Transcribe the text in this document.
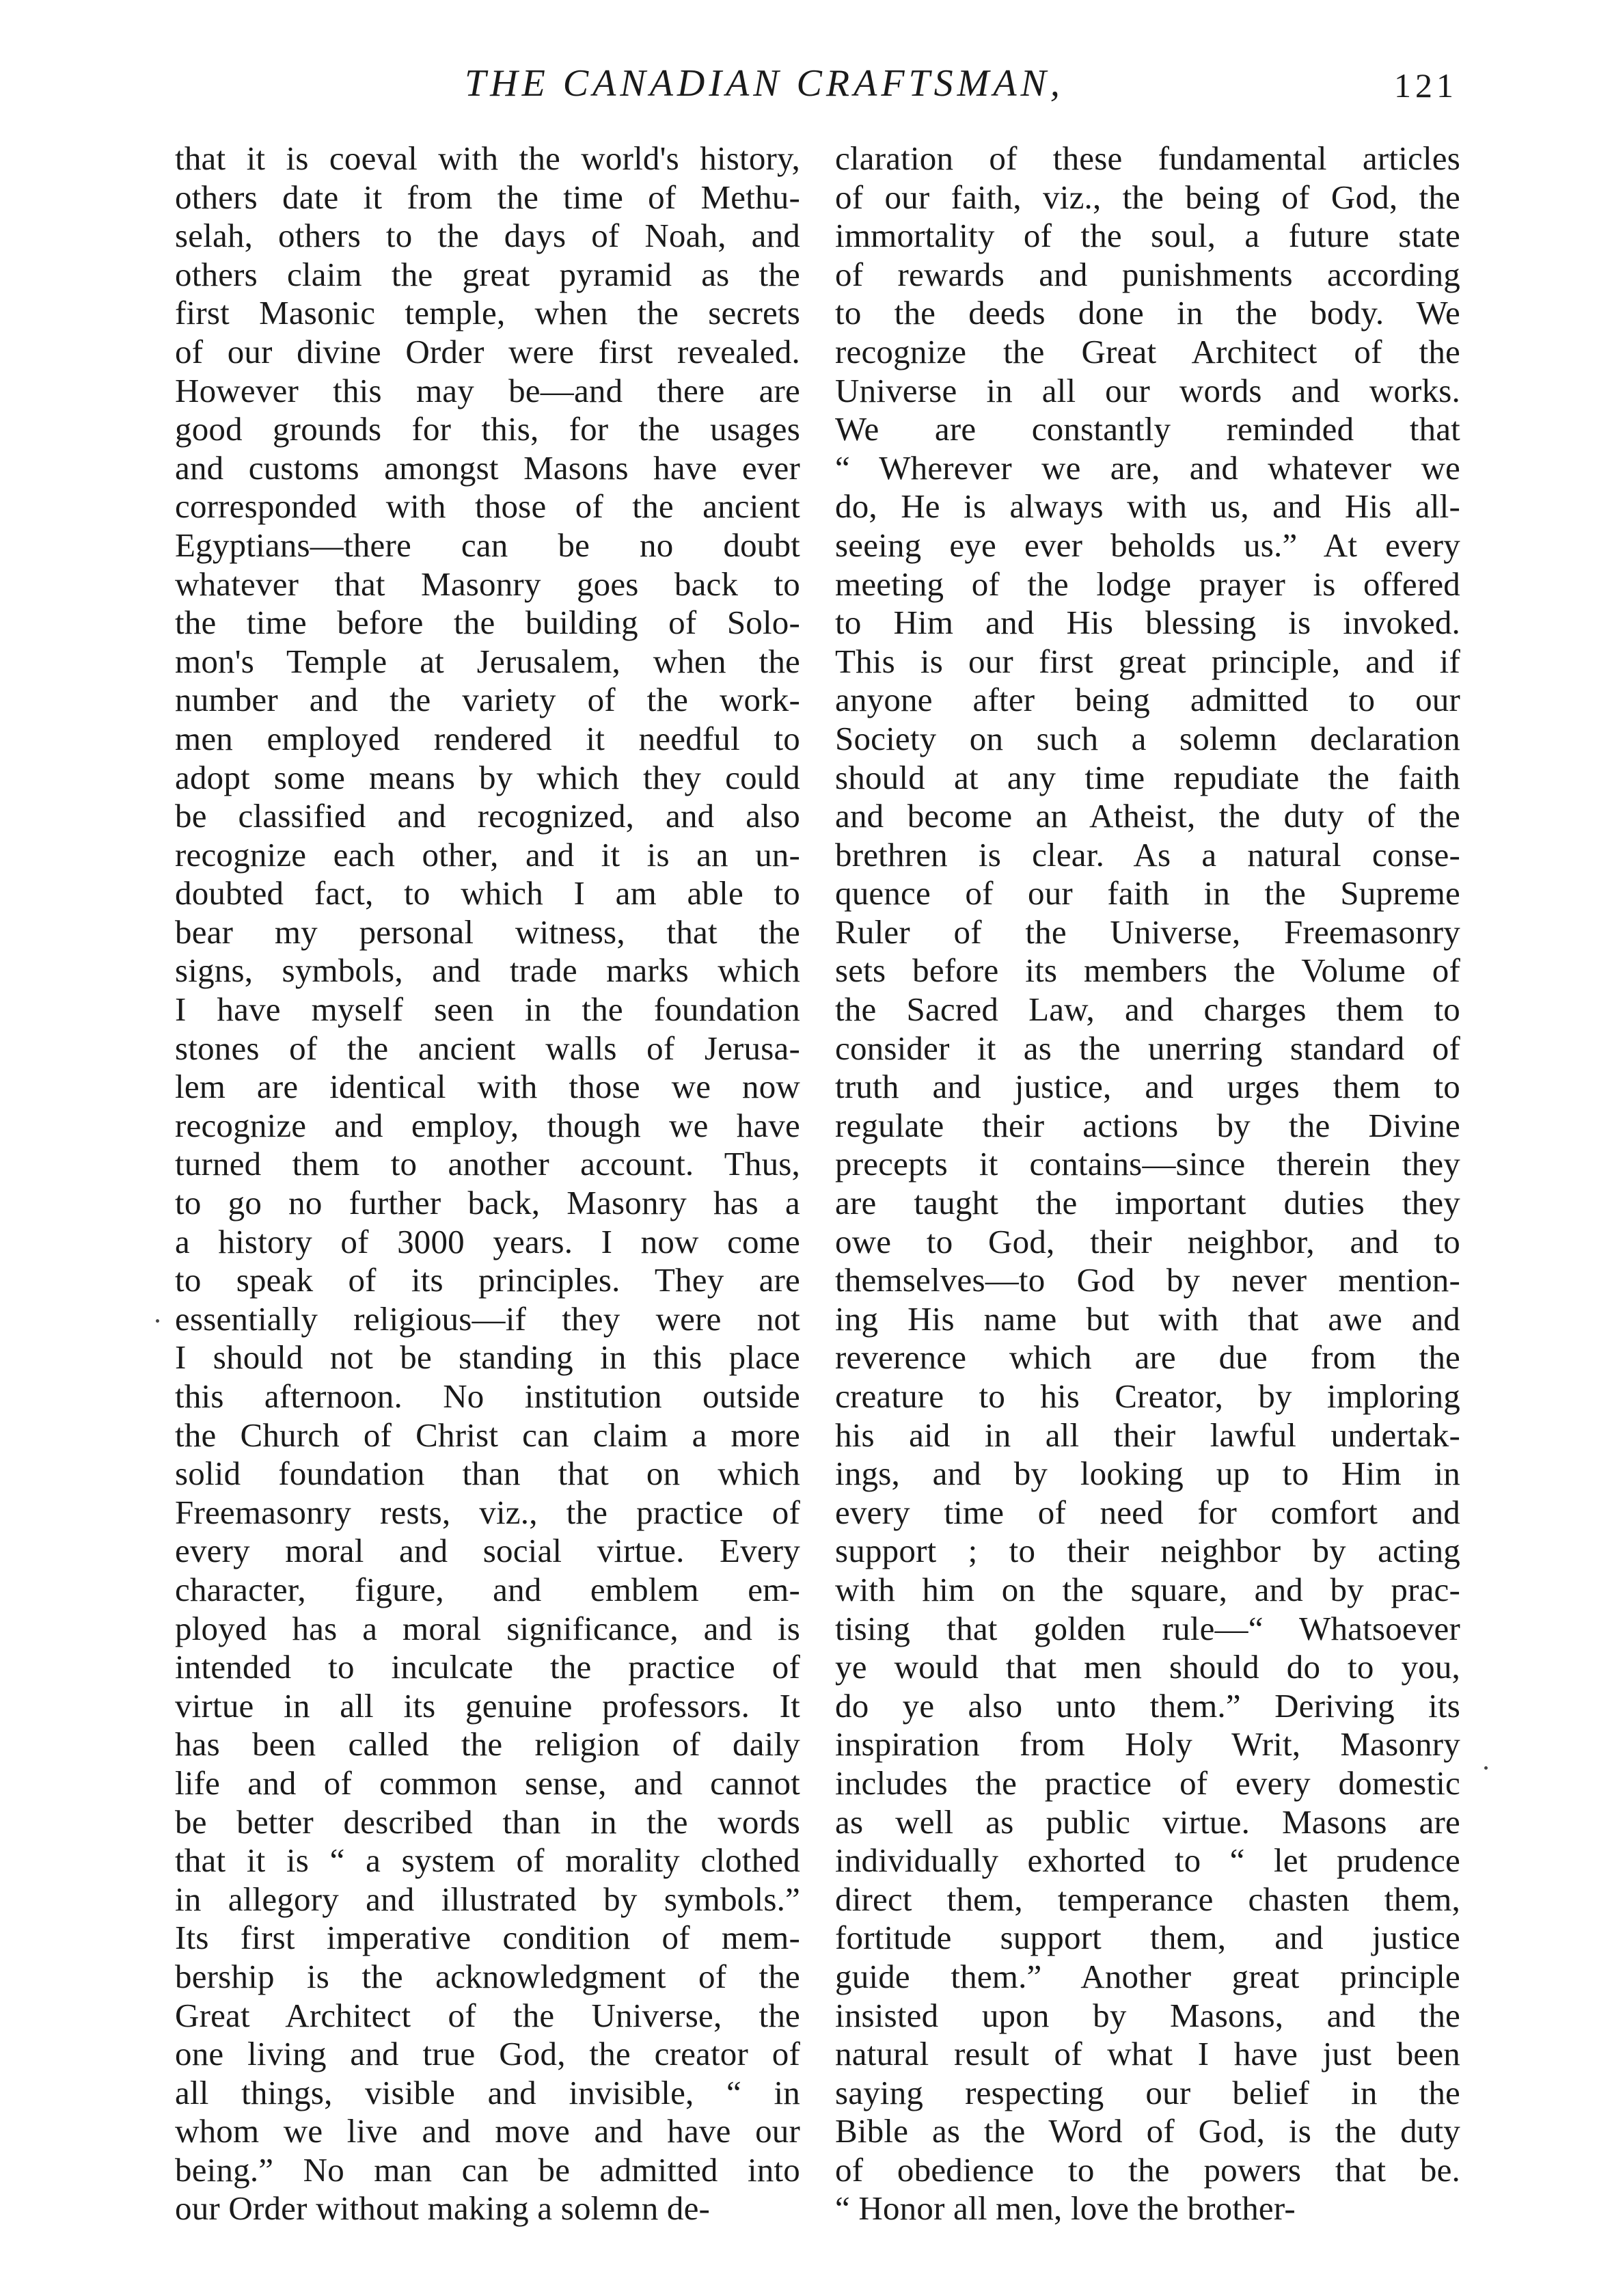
THE CANADIAN CRAFTSMAN,	121
that it is coeval with the world's history,
others date it from the time of Methu-
selah, others to the days of Noah, and
others claim the great pyramid as the
first Masonic temple, when the secrets
of our divine Order were first revealed.
However this may be—and there are
good grounds for this, for the usages
and customs amongst Masons have ever
corresponded with those of the ancient
Egyptians—there can be no doubt
whatever that Masonry goes back to
the time before the building of Solo-
mon's Temple at Jerusalem, when the
number and the variety of the work-
men employed rendered it needful to
adopt some means by which they could
be classified and recognized, and also
recognize each other, and it is an un-
doubted fact, to which I am able to
bear my personal witness, that the
signs, symbols, and trade marks which
I have myself seen in the foundation
stones of the ancient walls of Jerusa-
lem are identical with those we now
recognize and employ, though we have
turned them to another account. Thus,
to go no further back, Masonry has a
a history of 3000 years. I now come
to speak of its principles. They are
essentially religious—if they were not
I should not be standing in this place
this afternoon. No institution outside
the Church of Christ can claim a more
solid foundation than that on which
Freemasonry rests, viz., the practice of
every moral and social virtue. Every
character, figure, and emblem em-
ployed has a moral significance, and is
intended to inculcate the practice of
virtue in all its genuine professors. It
has been called the religion of daily
life and of common sense, and cannot
be better described than in the words
that it is “ a system of morality clothed
in allegory and illustrated by symbols.”
Its first imperative condition of mem-
bership is the acknowledgment of the
Great Architect of the Universe, the
one living and true God, the creator of
all things, visible and invisible, “ in
whom we live and move and have our
being.” No man can be admitted into
our Order without making a solemn de-
claration of these fundamental articles
of our faith, viz., the being of God, the
immortality of the soul, a future state
of rewards and punishments according
to the deeds done in the body. We
recognize the Great Architect of the
Universe in all our words and works.
We are constantly reminded that
“ Wherever we are, and whatever we
do, He is always with us, and His all-
seeing eye ever beholds us.” At every
meeting of the lodge prayer is offered
to Him and His blessing is invoked.
This is our first great principle, and if
anyone after being admitted to our
Society on such a solemn declaration
should at any time repudiate the faith
and become an Atheist, the duty of the
brethren is clear. As a natural conse-
quence of our faith in the Supreme
Ruler of the Universe, Freemasonry
sets before its members the Volume of
the Sacred Law, and charges them to
consider it as the unerring standard of
truth and justice, and urges them to
regulate their actions by the Divine
precepts it contains—since therein they
are taught the important duties they
owe to God, their neighbor, and to
themselves—to God by never mention-
ing His name but with that awe and
reverence which are due from the
creature to his Creator, by imploring
his aid in all their lawful undertak-
ings, and by looking up to Him in
every time of need for comfort and
support ; to their neighbor by acting
with him on the square, and by prac-
tising that golden rule—“ Whatsoever
ye would that men should do to you,
do ye also unto them.” Deriving its
inspiration from Holy Writ, Masonry
includes the practice of every domestic
as well as public virtue. Masons are
individually exhorted to “ let prudence
direct them, temperance chasten them,
fortitude support them, and justice
guide them.” Another great principle
insisted upon by Masons, and the
natural result of what I have just been
saying respecting our belief in the
Bible as the Word of God, is the duty
of obedience to the powers that be.
“ Honor all men, love the brother-
